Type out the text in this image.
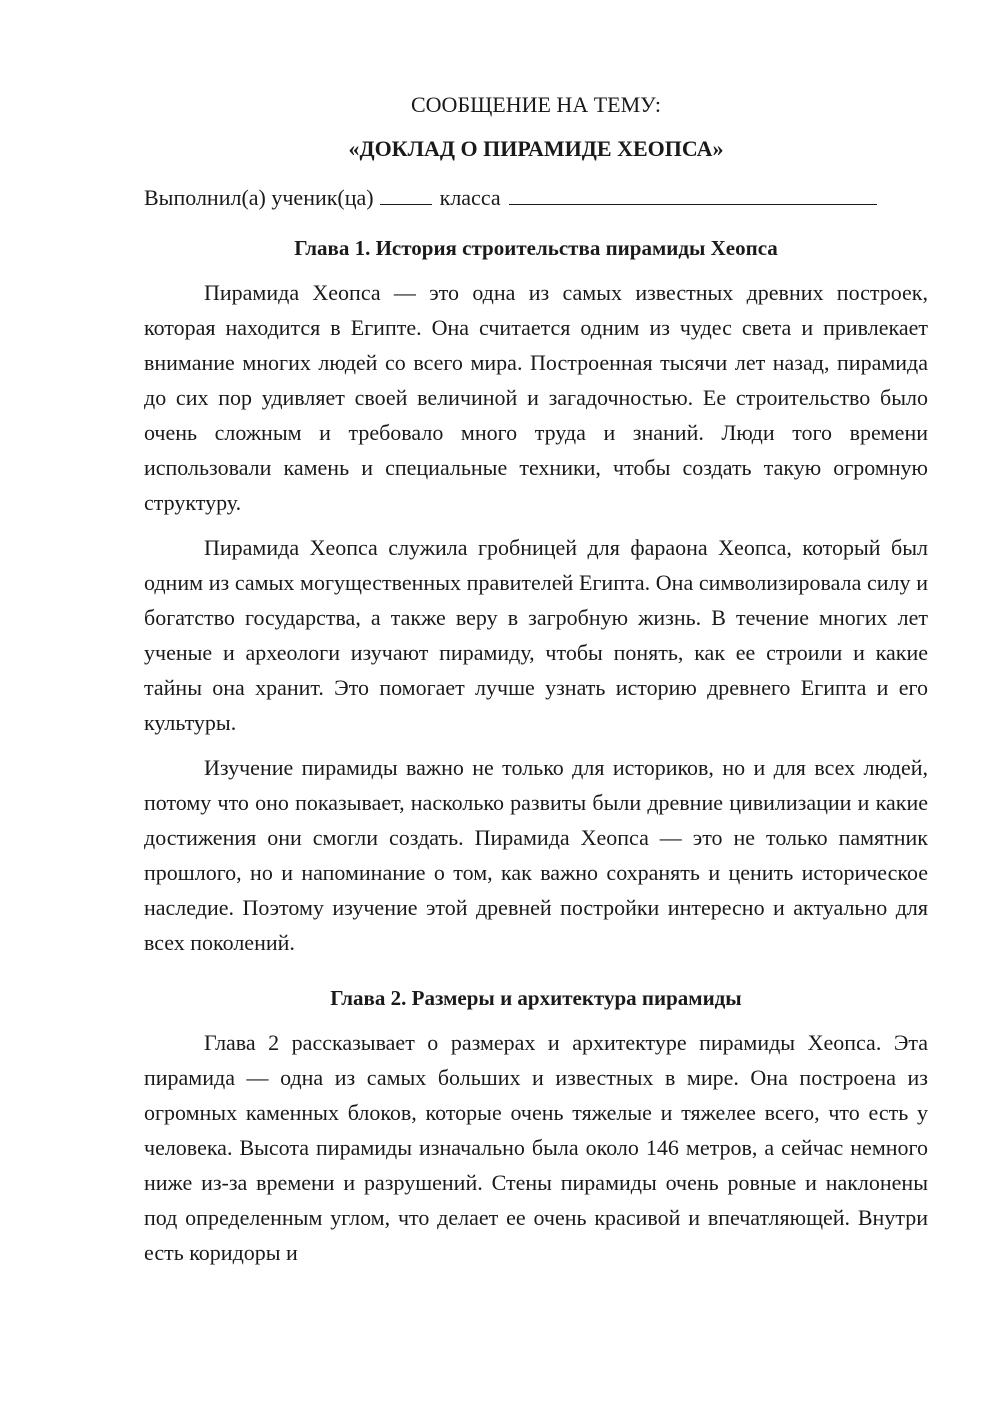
СООБЩЕНИЕ НА ТЕМУ:
«ДОКЛАД О ПИРАМИДЕ ХЕОПСА»
Выполнил(а) ученик(ца)	класса
Глава 1. История строительства пирамиды Хеопса

Пирамида Хеопса — это одна из самых известных древних построек, которая находится в Египте. Она считается одним из чудес света и привлекает внимание многих людей со всего мира. Построенная тысячи лет назад, пирамида до сих пор удивляет своей величиной и загадочностью. Ее строительство было очень сложным и требовало много труда и знаний. Люди того времени использовали камень и специальные техники, чтобы создать такую огромную структуру.

Пирамида Хеопса служила гробницей для фараона Хеопса, который был одним из самых могущественных правителей Египта. Она символизировала силу и богатство государства, а также веру в загробную жизнь. В течение многих лет ученые и археологи изучают пирамиду, чтобы понять, как ее строили и какие тайны она хранит. Это помогает лучше узнать историю древнего Египта и его культуры.

Изучение пирамиды важно не только для историков, но и для всех людей, потому что оно показывает, насколько развиты были древние цивилизации и какие достижения они смогли создать. Пирамида Хеопса — это не только памятник прошлого, но и напоминание о том, как важно сохранять и ценить историческое наследие. Поэтому изучение этой древней постройки интересно и актуально для всех поколений.

Глава 2. Размеры и архитектура пирамиды

Глава 2 рассказывает о размерах и архитектуре пирамиды Хеопса. Эта пирамида — одна из самых больших и известных в мире. Она построена из огромных каменных блоков, которые очень тяжелые и тяжелее всего, что есть у человека. Высота пирамиды изначально была около 146 метров, а сейчас немного ниже из-за времени и разрушений. Стены пирамиды очень ровные и наклонены под определенным углом, что делает ее очень красивой и впечатляющей. Внутри есть коридоры и
